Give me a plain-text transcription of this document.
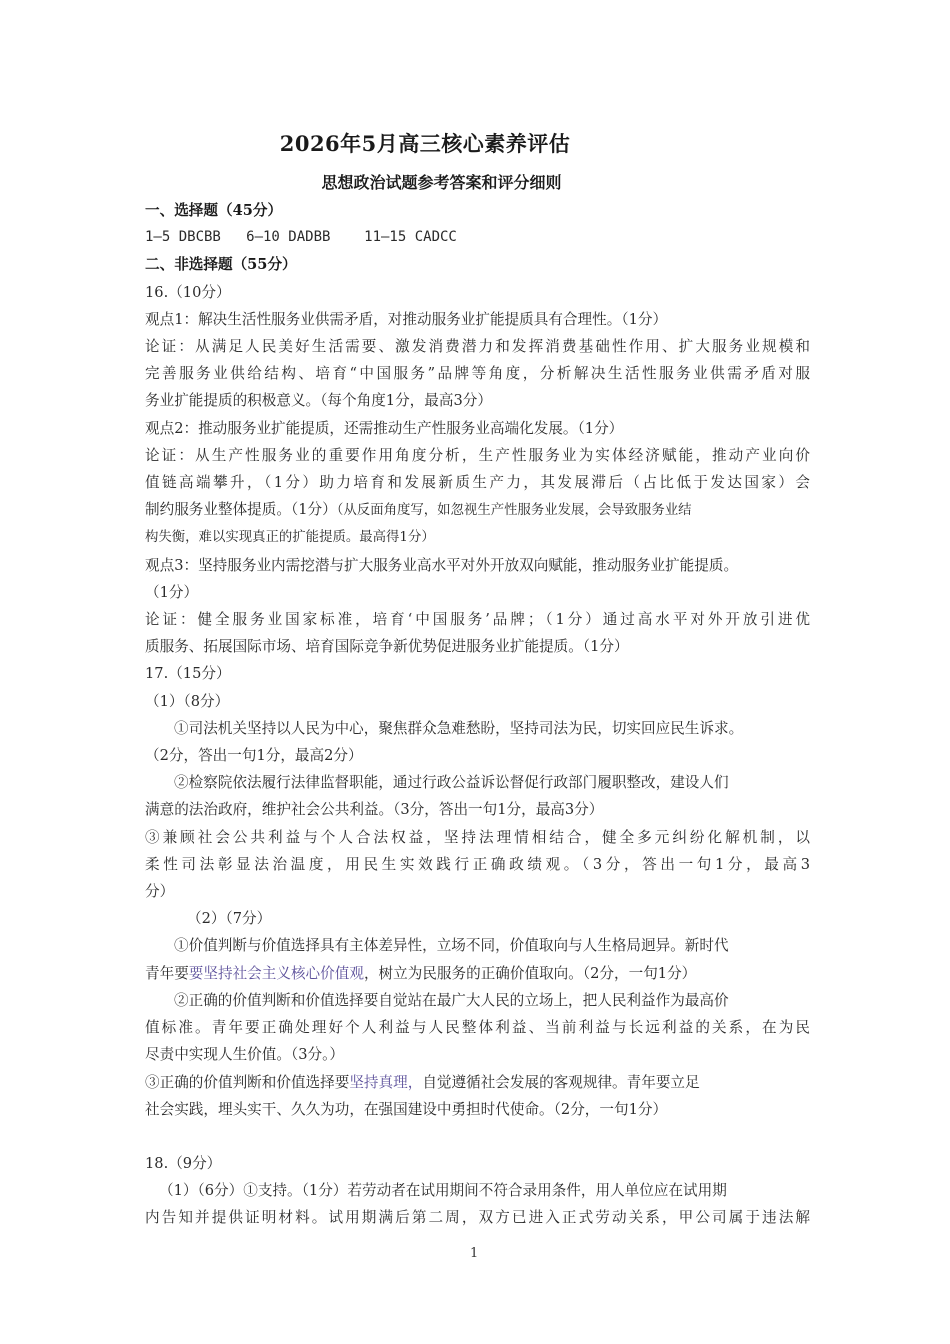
2026年5月高三核心素养评估
思想政治试题参考答案和评分细则
一、选择题（45分）
1—5 DBCBB   6—10 DADBB    11—15 CADCC
二、非选择题（55分）
16.（10分）
观点1：解决生活性服务业供需矛盾，对推动服务业扩能提质具有合理性。（1分）
论证：从满足人民美好生活需要、激发消费潜力和发挥消费基础性作用、扩大服务业规模和
完善服务业供给结构、培育“中国服务”品牌等角度，分析解决生活性服务业供需矛盾对服
务业扩能提质的积极意义。（每个角度1分，最高3分）
观点2：推动服务业扩能提质，还需推动生产性服务业高端化发展。（1分）
论证：从生产性服务业的重要作用角度分析，生产性服务业为实体经济赋能，推动产业向价
值链高端攀升，（1分）助力培育和发展新质生产力，其发展滞后（占比低于发达国家）会
制约服务业整体提质。（1分）（从反面角度写，如忽视生产性服务业发展，会导致服务业结
构失衡，难以实现真正的扩能提质。最高得1分）
观点3：坚持服务业内需挖潜与扩大服务业高水平对外开放双向赋能，推动服务业扩能提质。
（1分）
论证：健全服务业国家标准，培育‘中国服务’品牌；（1分）通过高水平对外开放引进优
质服务、拓展国际市场、培育国际竞争新优势促进服务业扩能提质。（1分）
17.（15分）
（1）（8分）
①司法机关坚持以人民为中心，聚焦群众急难愁盼，坚持司法为民，切实回应民生诉求。
（2分，答出一句1分，最高2分）
②检察院依法履行法律监督职能，通过行政公益诉讼督促行政部门履职整改，建设人们
满意的法治政府，维护社会公共利益。（3分，答出一句1分，最高3分）
③兼顾社会公共利益与个人合法权益，坚持法理情相结合，健全多元纠纷化解机制，以
柔性司法彰显法治温度，用民生实效践行正确政绩观。（3分，答出一句1分，最高3
分）
（2）（7分）
①价值判断与价值选择具有主体差异性，立场不同，价值取向与人生格局迥异。新时代
青年要要坚持社会主义核心价值观，树立为民服务的正确价值取向。（2分，一句1分）
②正确的价值判断和价值选择要自觉站在最广大人民的立场上，把人民利益作为最高价
值标准。青年要正确处理好个人利益与人民整体利益、当前利益与长远利益的关系，在为民
尽责中实现人生价值。（3分。）
③正确的价值判断和价值选择要坚持真理，自觉遵循社会发展的客观规律。青年要立足
社会实践，埋头实干、久久为功，在强国建设中勇担时代使命。（2分，一句1分）
18.（9分）
（1）（6分）①支持。（1分）若劳动者在试用期间不符合录用条件，用人单位应在试用期
内告知并提供证明材料。试用期满后第二周，双方已进入正式劳动关系，甲公司属于违法解
1
